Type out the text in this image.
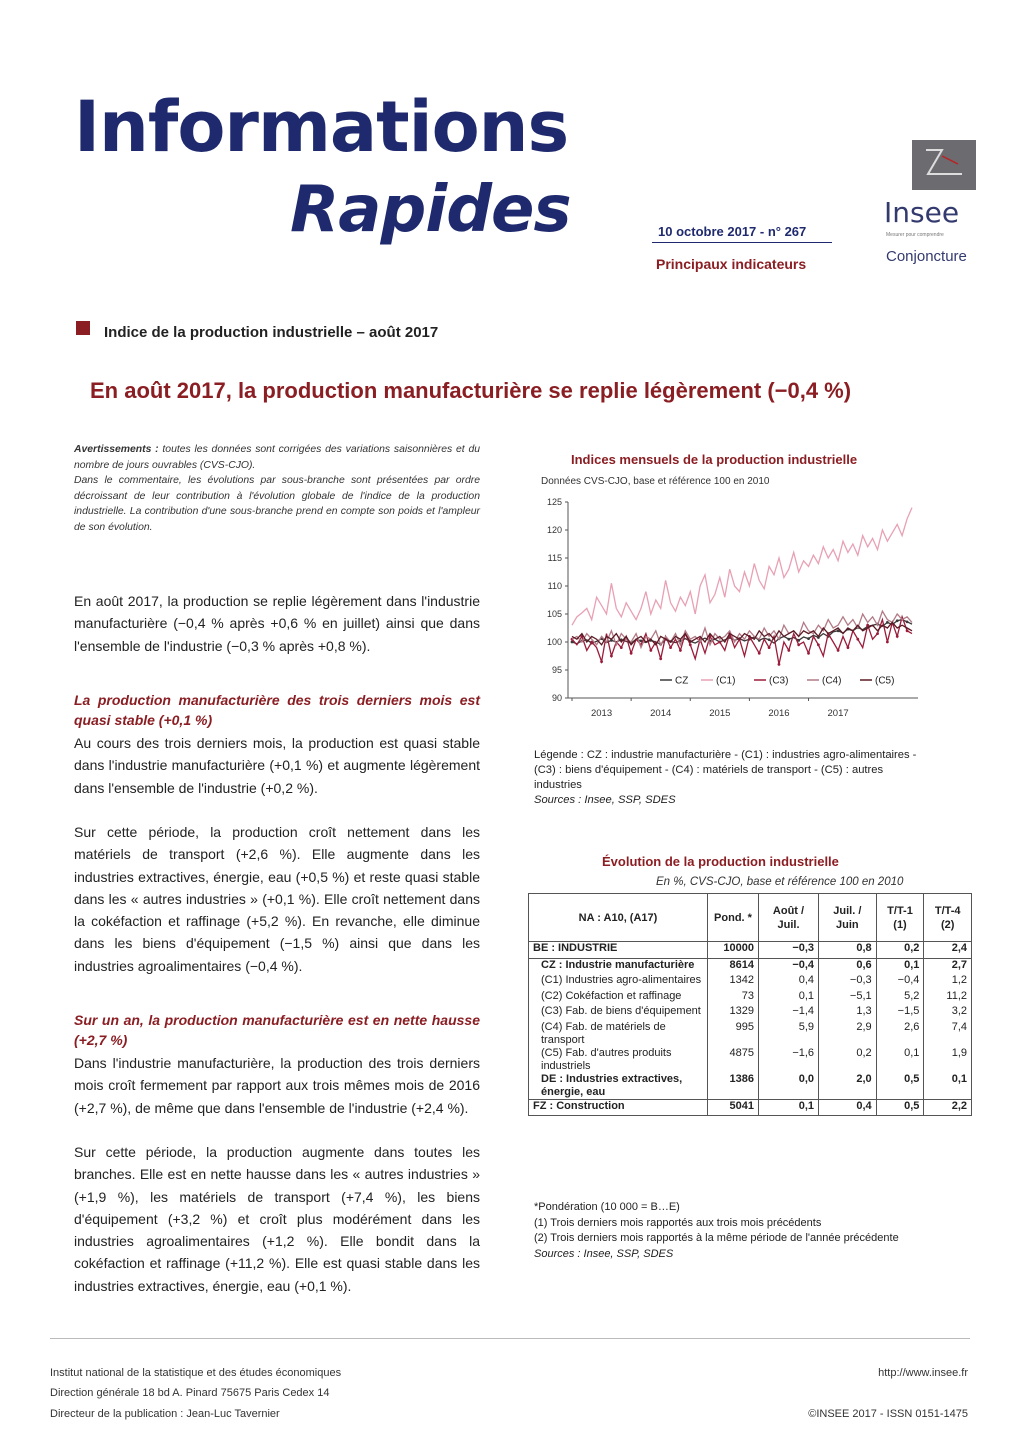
Informations
Rapides	10 octobre 2017 - n° 267
Principaux indicateurs
Insee
Mesurer pour comprendre
Conjoncture
Indice de la production industrielle – août 2017
En août 2017, la production manufacturière se replie légèrement (−0,4 %)

Avertissements : toutes les données sont corrigées des variations saisonnières et du nombre de jours ouvrables (CVS-CJO).

Dans le commentaire, les évolutions par sous-branche sont présentées par ordre décroissant de leur contribution à l'évolution globale de l'indice de la production industrielle. La contribution d'une sous-branche prend en compte son poids et l'ampleur de son évolution.

En août 2017, la production se replie légèrement dans l'industrie manufacturière (−0,4 % après +0,6 % en juillet) ainsi que dans l'ensemble de l'industrie (−0,3 % après +0,8 %).

La production manufacturière des trois derniers mois est quasi stable (+0,1 %)

Au cours des trois derniers mois, la production est quasi stable dans l'industrie manufacturière (+0,1 %) et augmente légèrement dans l'ensemble de l'industrie (+0,2 %).

Sur cette période, la production croît nettement dans les matériels de transport (+2,6 %). Elle augmente dans les industries extractives, énergie, eau (+0,5 %) et reste quasi stable dans les « autres industries » (+0,1 %). Elle croît nettement dans la cokéfaction et raffinage (+5,2 %). En revanche, elle diminue dans les biens d'équipement (−1,5 %) ainsi que dans les industries agroalimentaires (−0,4 %).

Sur un an, la production manufacturière est en nette hausse (+2,7 %)

Dans l'industrie manufacturière, la production des trois derniers mois croît fermement par rapport aux trois mêmes mois de 2016 (+2,7 %), de même que dans l'ensemble de l'industrie (+2,4 %).

Sur cette période, la production augmente dans toutes les branches. Elle est en nette hausse dans les « autres industries » (+1,9 %), les matériels de transport (+7,4 %), les biens d'équipement (+3,2 %) et croît plus modérément dans les industries agroalimentaires (+1,2 %). Elle bondit dans la cokéfaction et raffinage (+11,2 %). Elle est quasi stable dans les industries extractives, énergie, eau (+0,1 %).

Indices mensuels de la production industrielle
Données CVS-CJO, base et référence 100 en 2010
90
95
100
105
110
115
120
125
2013	2014	2015	2016	2017
CZ	(C1)	(C3)	(C4)	(C5)
Légende : CZ : industrie manufacturière - (C1) : industries agro-alimentaires - (C3) : biens d'équipement - (C4) : matériels de transport - (C5) : autres industries
Sources : Insee, SSP, SDES
Évolution de la production industrielle
En %, CVS-CJO, base et référence 100 en 2010
NA : A10, (A17)	Pond. *	Août / Juil.	Juil. / Juin	T/T-1 (1)	T/T-4 (2)
BE : INDUSTRIE	10000	−0,3	0,8	0,2	2,4
CZ : Industrie manufacturière	8614	−0,4	0,6	0,1	2,7
(C1) Industries agro-alimentaires	1342	0,4	−0,3	−0,4	1,2
(C2) Cokéfaction et raffinage	73	0,1	−5,1	5,2	11,2
(C3) Fab. de biens d'équipement	1329	−1,4	1,3	−1,5	3,2
(C4) Fab. de matériels de transport	995	5,9	2,9	2,6	7,4
(C5) Fab. d'autres produits industriels	4875	−1,6	0,2	0,1	1,9
DE : Industries extractives, énergie, eau	1386	0,0	2,0	0,5	0,1
FZ : Construction	5041	0,1	0,4	0,5	2,2
*Pondération (10 000 = B…E)
(1) Trois derniers mois rapportés aux trois mois précédents
(2) Trois derniers mois rapportés à la même période de l'année précédente
Sources : Insee, SSP, SDES
Institut national de la statistique et des études économiques
Direction générale 18 bd A. Pinard 75675 Paris Cedex 14
Directeur de la publication : Jean-Luc Tavernier
http://www.insee.fr
©INSEE 2017 - ISSN 0151-1475
